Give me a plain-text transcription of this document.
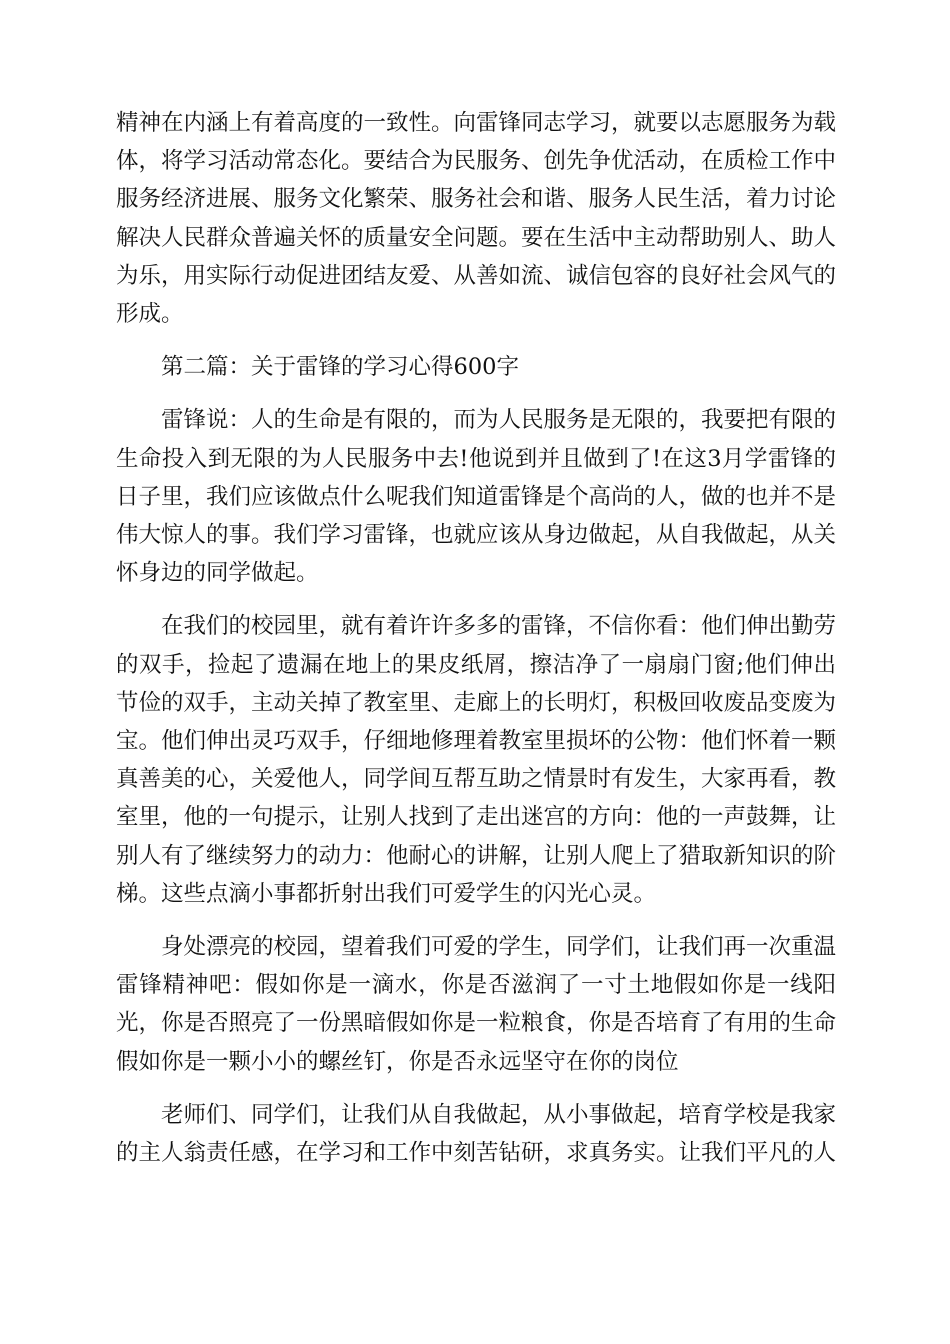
精神在内涵上有着高度的一致性。向雷锋同志学习，就要以志愿服务为载体，将学习活动常态化。要结合为民服务、创先争优活动，在质检工作中服务经济进展、服务文化繁荣、服务社会和谐、服务人民生活，着力讨论解决人民群众普遍关怀的质量安全问题。要在生活中主动帮助别人、助人为乐，用实际行动促进团结友爱、从善如流、诚信包容的良好社会风气的形成。

第二篇：关于雷锋的学习心得600字

雷锋说：人的生命是有限的，而为人民服务是无限的，我要把有限的生命投入到无限的为人民服务中去!他说到并且做到了!在这3月学雷锋的日子里，我们应该做点什么呢我们知道雷锋是个高尚的人，做的也并不是伟大惊人的事。我们学习雷锋，也就应该从身边做起，从自我做起，从关怀身边的同学做起。

在我们的校园里，就有着许许多多的雷锋，不信你看：他们伸出勤劳的双手，捡起了遗漏在地上的果皮纸屑，擦洁净了一扇扇门窗;他们伸出节俭的双手，主动关掉了教室里、走廊上的长明灯，积极回收废品变废为宝。他们伸出灵巧双手，仔细地修理着教室里损坏的公物：他们怀着一颗真善美的心，关爱他人，同学间互帮互助之情景时有发生，大家再看，教室里，他的一句提示，让别人找到了走出迷宫的方向：他的一声鼓舞，让别人有了继续努力的动力：他耐心的讲解，让别人爬上了猎取新知识的阶梯。这些点滴小事都折射出我们可爱学生的闪光心灵。

身处漂亮的校园，望着我们可爱的学生，同学们，让我们再一次重温雷锋精神吧：假如你是一滴水，你是否滋润了一寸土地假如你是一线阳光，你是否照亮了一份黑暗假如你是一粒粮食，你是否培育了有用的生命假如你是一颗小小的螺丝钉，你是否永远坚守在你的岗位

老师们、同学们，让我们从自我做起，从小事做起，培育学校是我家的主人翁责任感，在学习和工作中刻苦钻研，求真务实。让我们平凡的人
